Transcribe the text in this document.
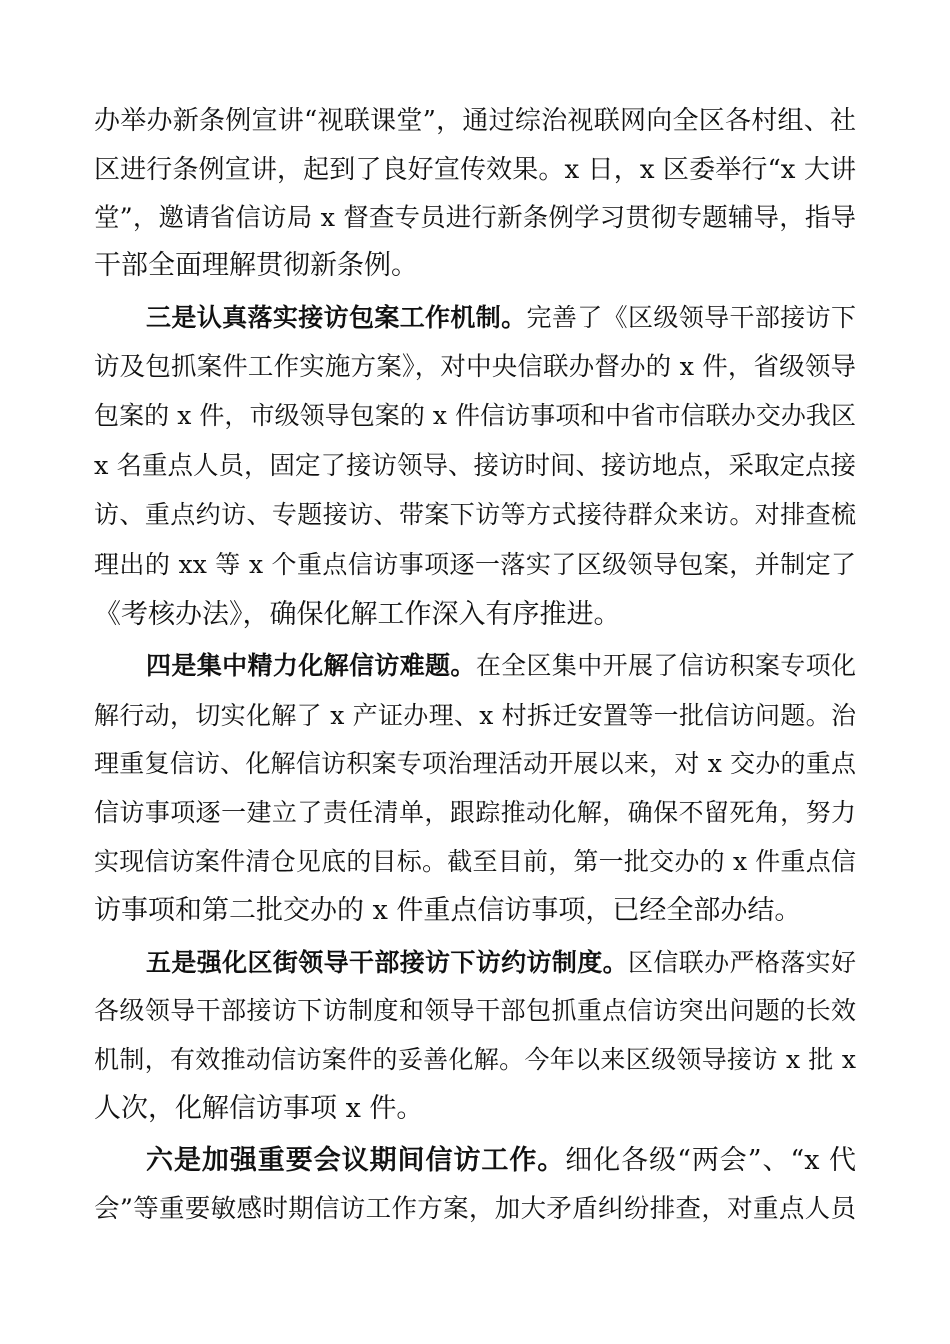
办举办新条例宣讲“视联课堂”，通过综治视联网向全区各村组、社
区进行条例宣讲，起到了良好宣传效果。x 日，x 区委举行“x 大讲
堂”，邀请省信访局 x 督查专员进行新条例学习贯彻专题辅导，指导
干部全面理解贯彻新条例。
三是认真落实接访包案工作机制。完善了《区级领导干部接访下
访及包抓案件工作实施方案》，对中央信联办督办的 x 件，省级领导
包案的 x 件，市级领导包案的 x 件信访事项和中省市信联办交办我区
x 名重点人员，固定了接访领导、接访时间、接访地点，采取定点接
访、重点约访、专题接访、带案下访等方式接待群众来访。对排查梳
理出的 xx 等 x 个重点信访事项逐一落实了区级领导包案，并制定了
《考核办法》，确保化解工作深入有序推进。
四是集中精力化解信访难题。在全区集中开展了信访积案专项化
解行动，切实化解了 x 产证办理、x 村拆迁安置等一批信访问题。治
理重复信访、化解信访积案专项治理活动开展以来，对 x 交办的重点
信访事项逐一建立了责任清单，跟踪推动化解，确保不留死角，努力
实现信访案件清仓见底的目标。截至目前，第一批交办的 x 件重点信
访事项和第二批交办的 x 件重点信访事项，已经全部办结。
五是强化区街领导干部接访下访约访制度。区信联办严格落实好
各级领导干部接访下访制度和领导干部包抓重点信访突出问题的长效
机制，有效推动信访案件的妥善化解。今年以来区级领导接访 x 批 x
人次，化解信访事项 x 件。
六是加强重要会议期间信访工作。细化各级“两会”、“x 代
会”等重要敏感时期信访工作方案，加大矛盾纠纷排查，对重点人员
